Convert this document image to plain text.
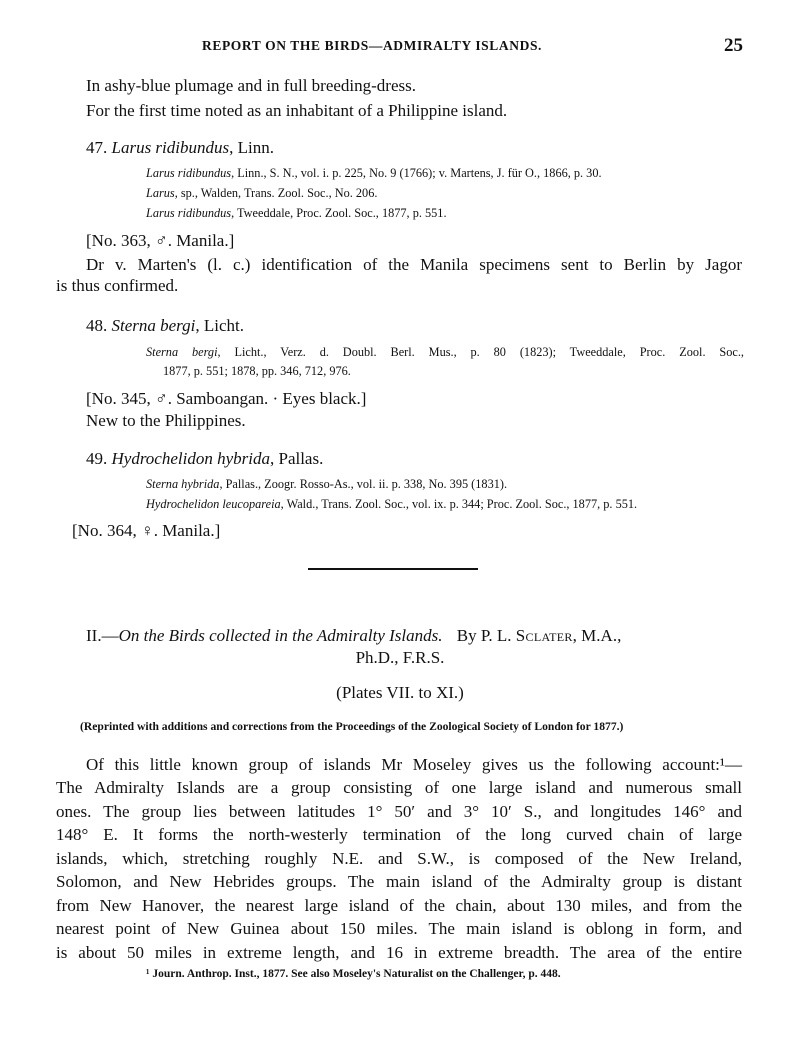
REPORT ON THE BIRDS—ADMIRALTY ISLANDS.	25
In ashy-blue plumage and in full breeding-dress.
For the first time noted as an inhabitant of a Philippine island.
47. Larus ridibundus, Linn.
Larus ridibundus, Linn., S. N., vol. i. p. 225, No. 9 (1766); v. Martens, J. für O., 1866, p. 30.
Larus, sp., Walden, Trans. Zool. Soc., No. 206.
Larus ridibundus, Tweeddale, Proc. Zool. Soc., 1877, p. 551.
[No. 363, ♂. Manila.]
Dr v. Marten's (l. c.) identification of the Manila specimens sent to Berlin by Jagor
is thus confirmed.
48. Sterna bergi, Licht.
Sterna bergi, Licht., Verz. d. Doubl. Berl. Mus., p. 80 (1823); Tweeddale, Proc. Zool. Soc.,
1877, p. 551; 1878, pp. 346, 712, 976.
[No. 345, ♂. Samboangan. · Eyes black.]
New to the Philippines.
49. Hydrochelidon hybrida, Pallas.
Sterna hybrida, Pallas., Zoogr. Rosso-As., vol. ii. p. 338, No. 395 (1831).
Hydrochelidon leucopareia, Wald., Trans. Zool. Soc., vol. ix. p. 344; Proc. Zool. Soc., 1877, p. 551.
[No. 364, ♀. Manila.]
II.—On the Birds collected in the Admiralty Islands. By P. L. Sclater, M.A.,
Ph.D., F.R.S.
(Plates VII. to XI.)
(Reprinted with additions and corrections from the Proceedings of the Zoological Society of London for 1877.)
Of this little known group of islands Mr Moseley gives us the following account:¹—
The Admiralty Islands are a group consisting of one large island and numerous small
ones. The group lies between latitudes 1° 50′ and 3° 10′ S., and longitudes 146° and
148° E. It forms the north-westerly termination of the long curved chain of large
islands, which, stretching roughly N.E. and S.W., is composed of the New Ireland,
Solomon, and New Hebrides groups. The main island of the Admiralty group is distant
from New Hanover, the nearest large island of the chain, about 130 miles, and from the
nearest point of New Guinea about 150 miles. The main island is oblong in form, and
is about 50 miles in extreme length, and 16 in extreme breadth. The area of the entire
¹ Journ. Anthrop. Inst., 1877. See also Moseley's Naturalist on the Challenger, p. 448.
